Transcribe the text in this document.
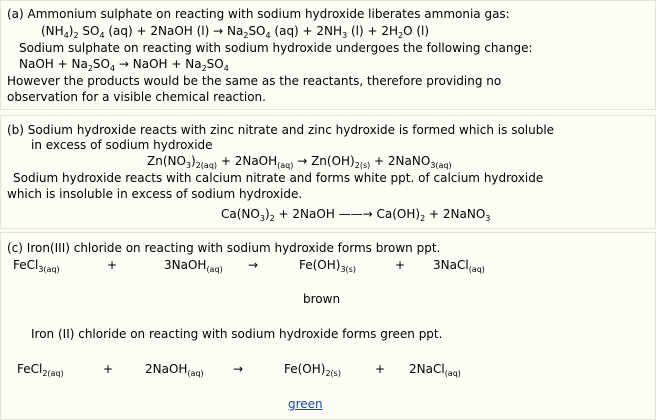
(a) Ammonium sulphate on reacting with sodium hydroxide liberates ammonia gas:
$(NH_4)_2$ $SO_4$ (aq) + 2NaOH $(l) \to Na_2SO_4$ $(aq) + 2NH_3$ $(l) + 2H_2O$ (l)
Sodium sulphate on reacting with sodium hydroxide undergoes the following change:
NaOH + $Na_2SO_4$ → NaOH + $Na_2SO_4$
However the products would be the same as the reactants, therefore providing no
observation for a visible chemical reaction.
(b) Sodium hydroxide reacts with zinc nitrate and zinc hydroxide is formed which is soluble
in excess of sodium hydroxide
$Zn(NO_3)_{2(aq)}$ + 2NaOH$_{(aq)}$ → $Zn(OH)_{2(s)}$ + 2NaNO$_{3(aq)}$
Sodium hydroxide reacts with calcium nitrate and forms white ppt. of calcium hydroxide
which is insoluble in excess of sodium hydroxide.
$Ca(NO_3)_2$ + 2NaOH ——→ $Ca(OH)_2$ + 2NaNO$_3$
(c) Iron(III) chloride on reacting with sodium hydroxide forms brown ppt.
FeCl$_{3(aq)}$	+	3NaOH$_{(aq)}$ →	$Fe(OH)_{3(s)}$	+ 3NaCl$_{(aq)}$
brown
Iron (II) chloride on reacting with sodium hydroxide forms green ppt.
FeCl$_{2(aq)}$	+	2NaOH$_{(aq)}$ →	$Fe(OH)_{2(s)}$	+ 2NaCl$_{(aq)}$
green
